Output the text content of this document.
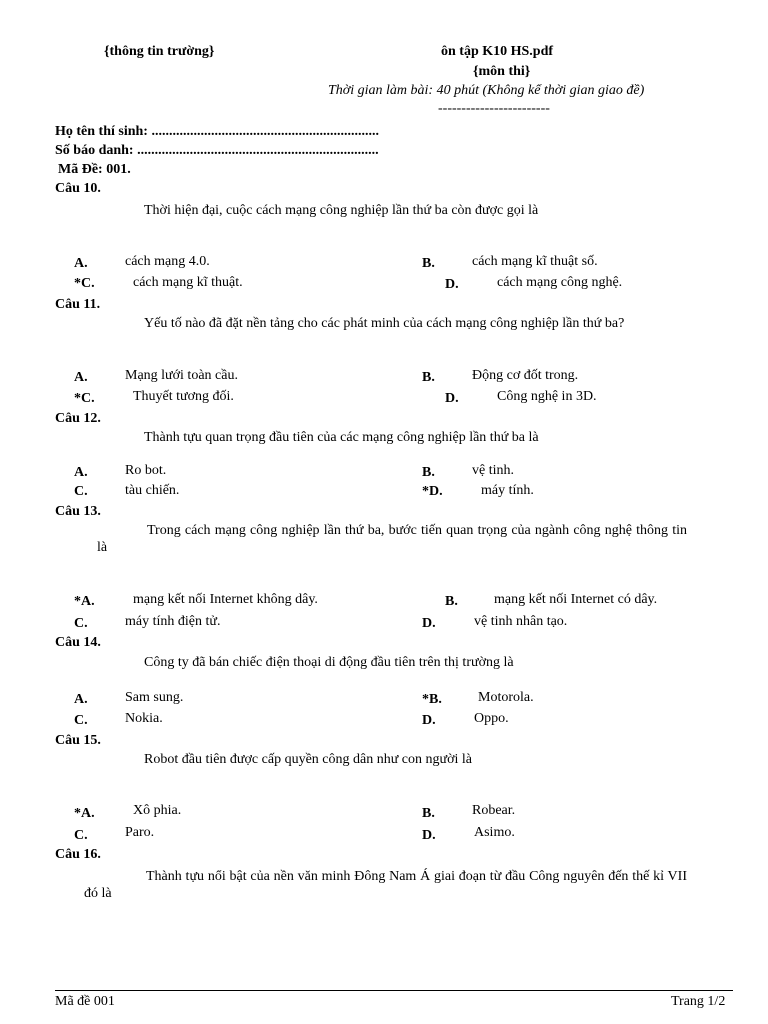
{thông tin trường}	ôn tập K10 HS.pdf
{môn thi}
Thời gian làm bài: 40 phút (Không kể thời gian giao đề)
------------------------
Họ tên thí sinh: .................................................................
Số báo danh: .....................................................................
Mã Đề: 001.
Câu 10.
Thời hiện đại, cuộc cách mạng công nghiệp lần thứ ba còn được gọi là
A.	cách mạng 4.0.	B.	cách mạng kĩ thuật số.
*C.	cách mạng kĩ thuật.	D.	cách mạng công nghệ.
Câu 11.
Yếu tố nào đã đặt nền tảng cho các phát minh của cách mạng công nghiệp lần thứ ba?
A.	Mạng lưới toàn cầu.	B.	Động cơ đốt trong.
*C.	Thuyết tương đối.	D.	Công nghệ in 3D.
Câu 12.
Thành tựu quan trọng đầu tiên của các mạng công nghiệp lần thứ ba là
A.	Ro bot.	B.	vệ tinh.
C.	tàu chiến.	*D.	máy tính.
Câu 13.
Trong cách mạng công nghiệp lần thứ ba, bước tiến quan trọng của ngành công nghệ thông tin là
*A.	mạng kết nối Internet không dây.	B.	mạng kết nối Internet có dây.
C.	máy tính điện tử.	D.	vệ tinh nhân tạo.
Câu 14.
Công ty đã bán chiếc điện thoại di động đầu tiên trên thị trường là
A.	Sam sung.	*B.	Motorola.
C.	Nokia.	D.	Oppo.
Câu 15.
Robot đầu tiên được cấp quyền công dân như con người là
*A.	Xô phia.	B.	Robear.
C.	Paro.	D.	Asimo.
Câu 16.
Thành tựu nổi bật của nền văn minh Đông Nam Á giai đoạn từ đầu Công nguyên đến thế kỉ VII đó là
Mã đề 001	Trang 1/2
